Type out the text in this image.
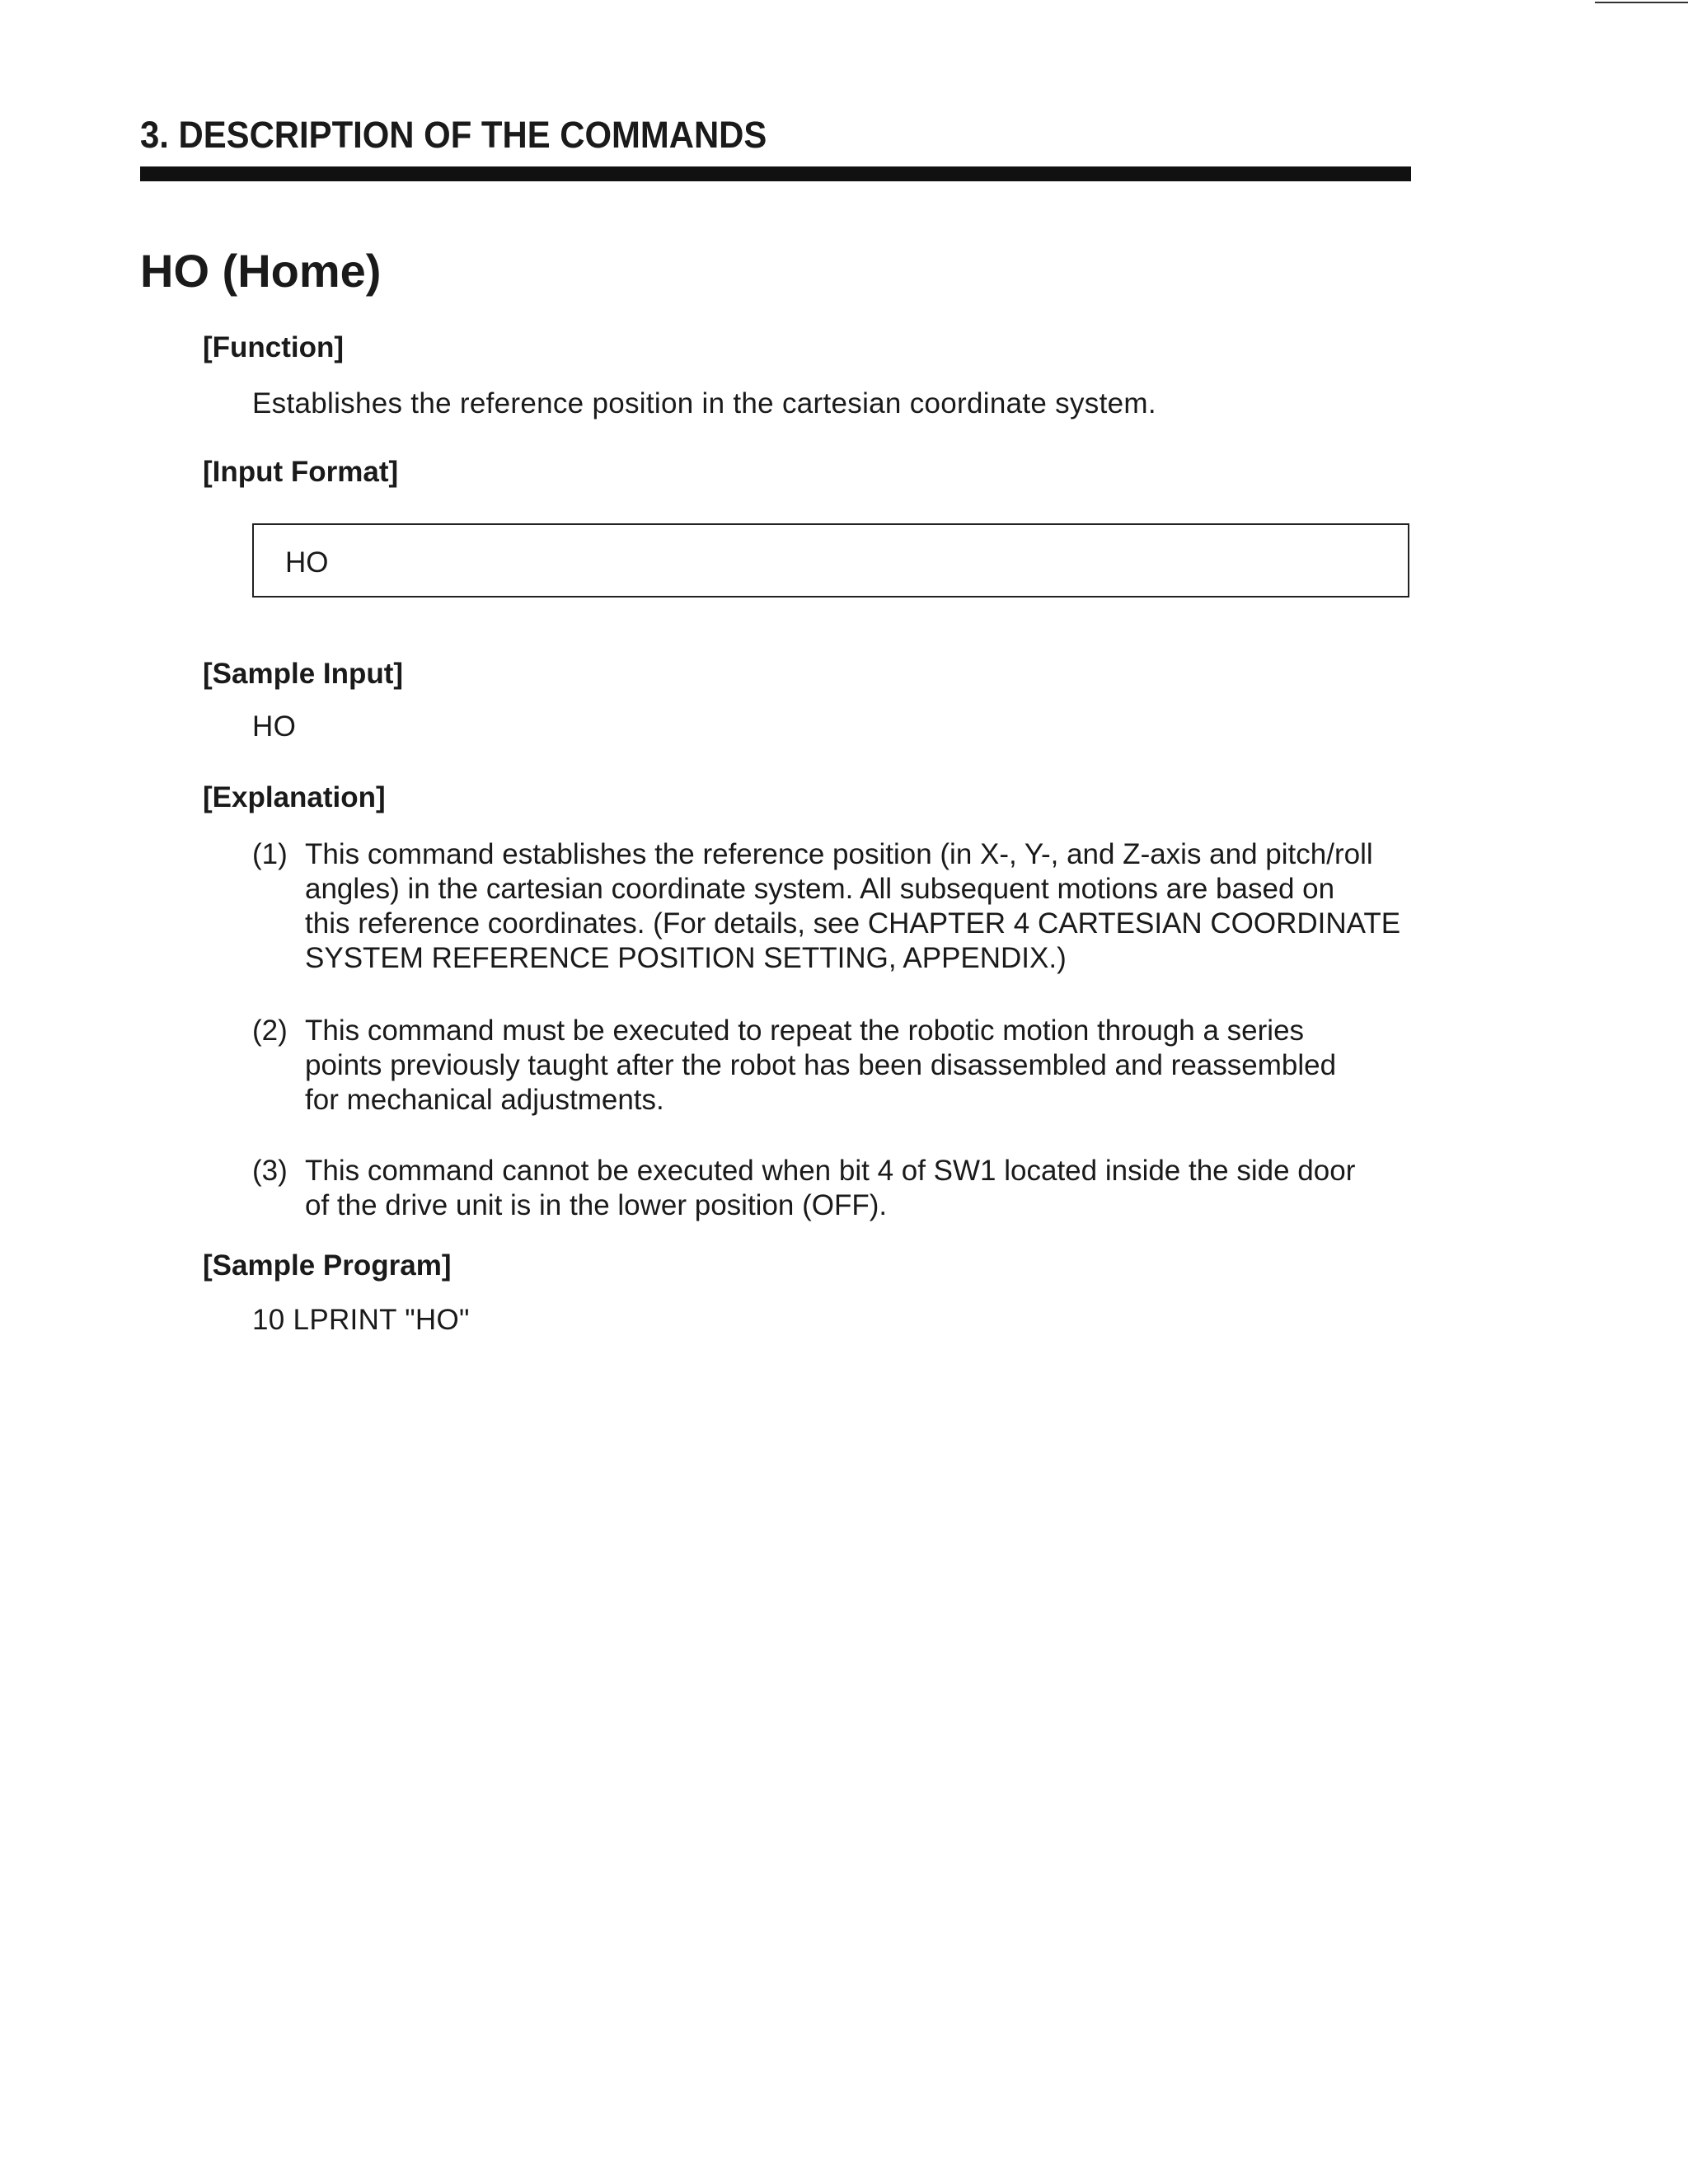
3. DESCRIPTION OF THE COMMANDS
HO (Home)
[Function]
Establishes the reference position in the cartesian coordinate system.
[Input Format]
HO
[Sample Input]
HO
[Explanation]
(1) This command establishes the reference position (in X-, Y-, and Z-axis and pitch/roll
angles) in the cartesian coordinate system. All subsequent motions are based on
this reference coordinates. (For details, see CHAPTER 4 CARTESIAN COORDINATE
SYSTEM REFERENCE POSITION SETTING, APPENDIX.)
(2) This command must be executed to repeat the robotic motion through a series
points previously taught after the robot has been disassembled and reassembled
for mechanical adjustments.
(3) This command cannot be executed when bit 4 of SW1 located inside the side door
of the drive unit is in the lower position (OFF).
[Sample Program]
10 LPRINT "HO"
